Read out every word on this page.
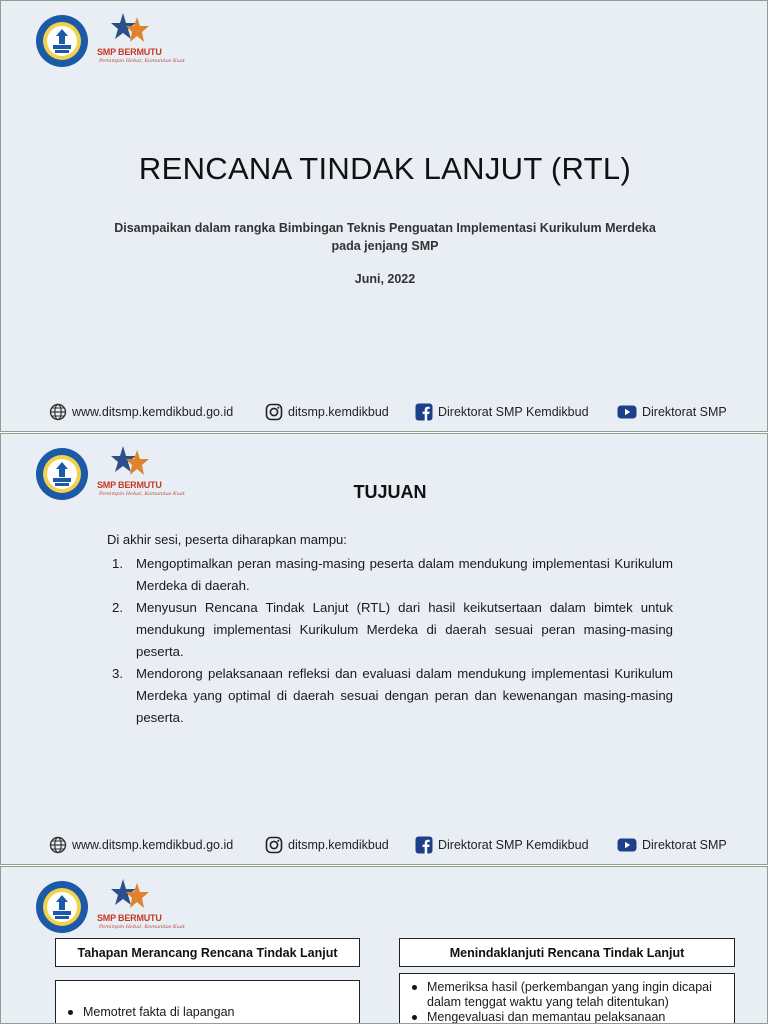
SMP BERMUTU
Pemimpin Hebat, Komunitas Kuat
RENCANA TINDAK LANJUT (RTL)
Disampaikan dalam rangka Bimbingan Teknis Penguatan Implementasi Kurikulum Merdeka
pada jenjang SMP
Juni, 2022
www.ditsmp.kemdikbud.go.id	ditsmp.kemdikbud	Direktorat SMP Kemdikbud	Direktorat SMP
SMP BERMUTU
Pemimpin Hebat, Komunitas Kuat	TUJUAN
Di akhir sesi, peserta diharapkan mampu:
1. Mengoptimalkan peran masing-masing peserta dalam mendukung implementasi Kurikulum Merdeka di daerah.
2. Menyusun Rencana Tindak Lanjut (RTL) dari hasil keikutsertaan dalam bimtek untuk mendukung implementasi Kurikulum Merdeka di daerah sesuai peran masing-masing peserta.
3. Mendorong pelaksanaan refleksi dan evaluasi dalam mendukung implementasi Kurikulum Merdeka yang optimal di daerah sesuai dengan peran dan kewenangan masing-masing peserta.
www.ditsmp.kemdikbud.go.id	ditsmp.kemdikbud	Direktorat SMP Kemdikbud	Direktorat SMP
SMP BERMUTU
Pemimpin Hebat, Komunitas Kuat
Tahapan Merancang Rencana Tindak Lanjut
Memotret fakta di lapangan
Menindaklanjuti Rencana Tindak Lanjut
Memeriksa hasil (perkembangan yang ingin dicapai dalam tenggat waktu yang telah ditentukan)
Mengevaluasi dan memantau pelaksanaan
